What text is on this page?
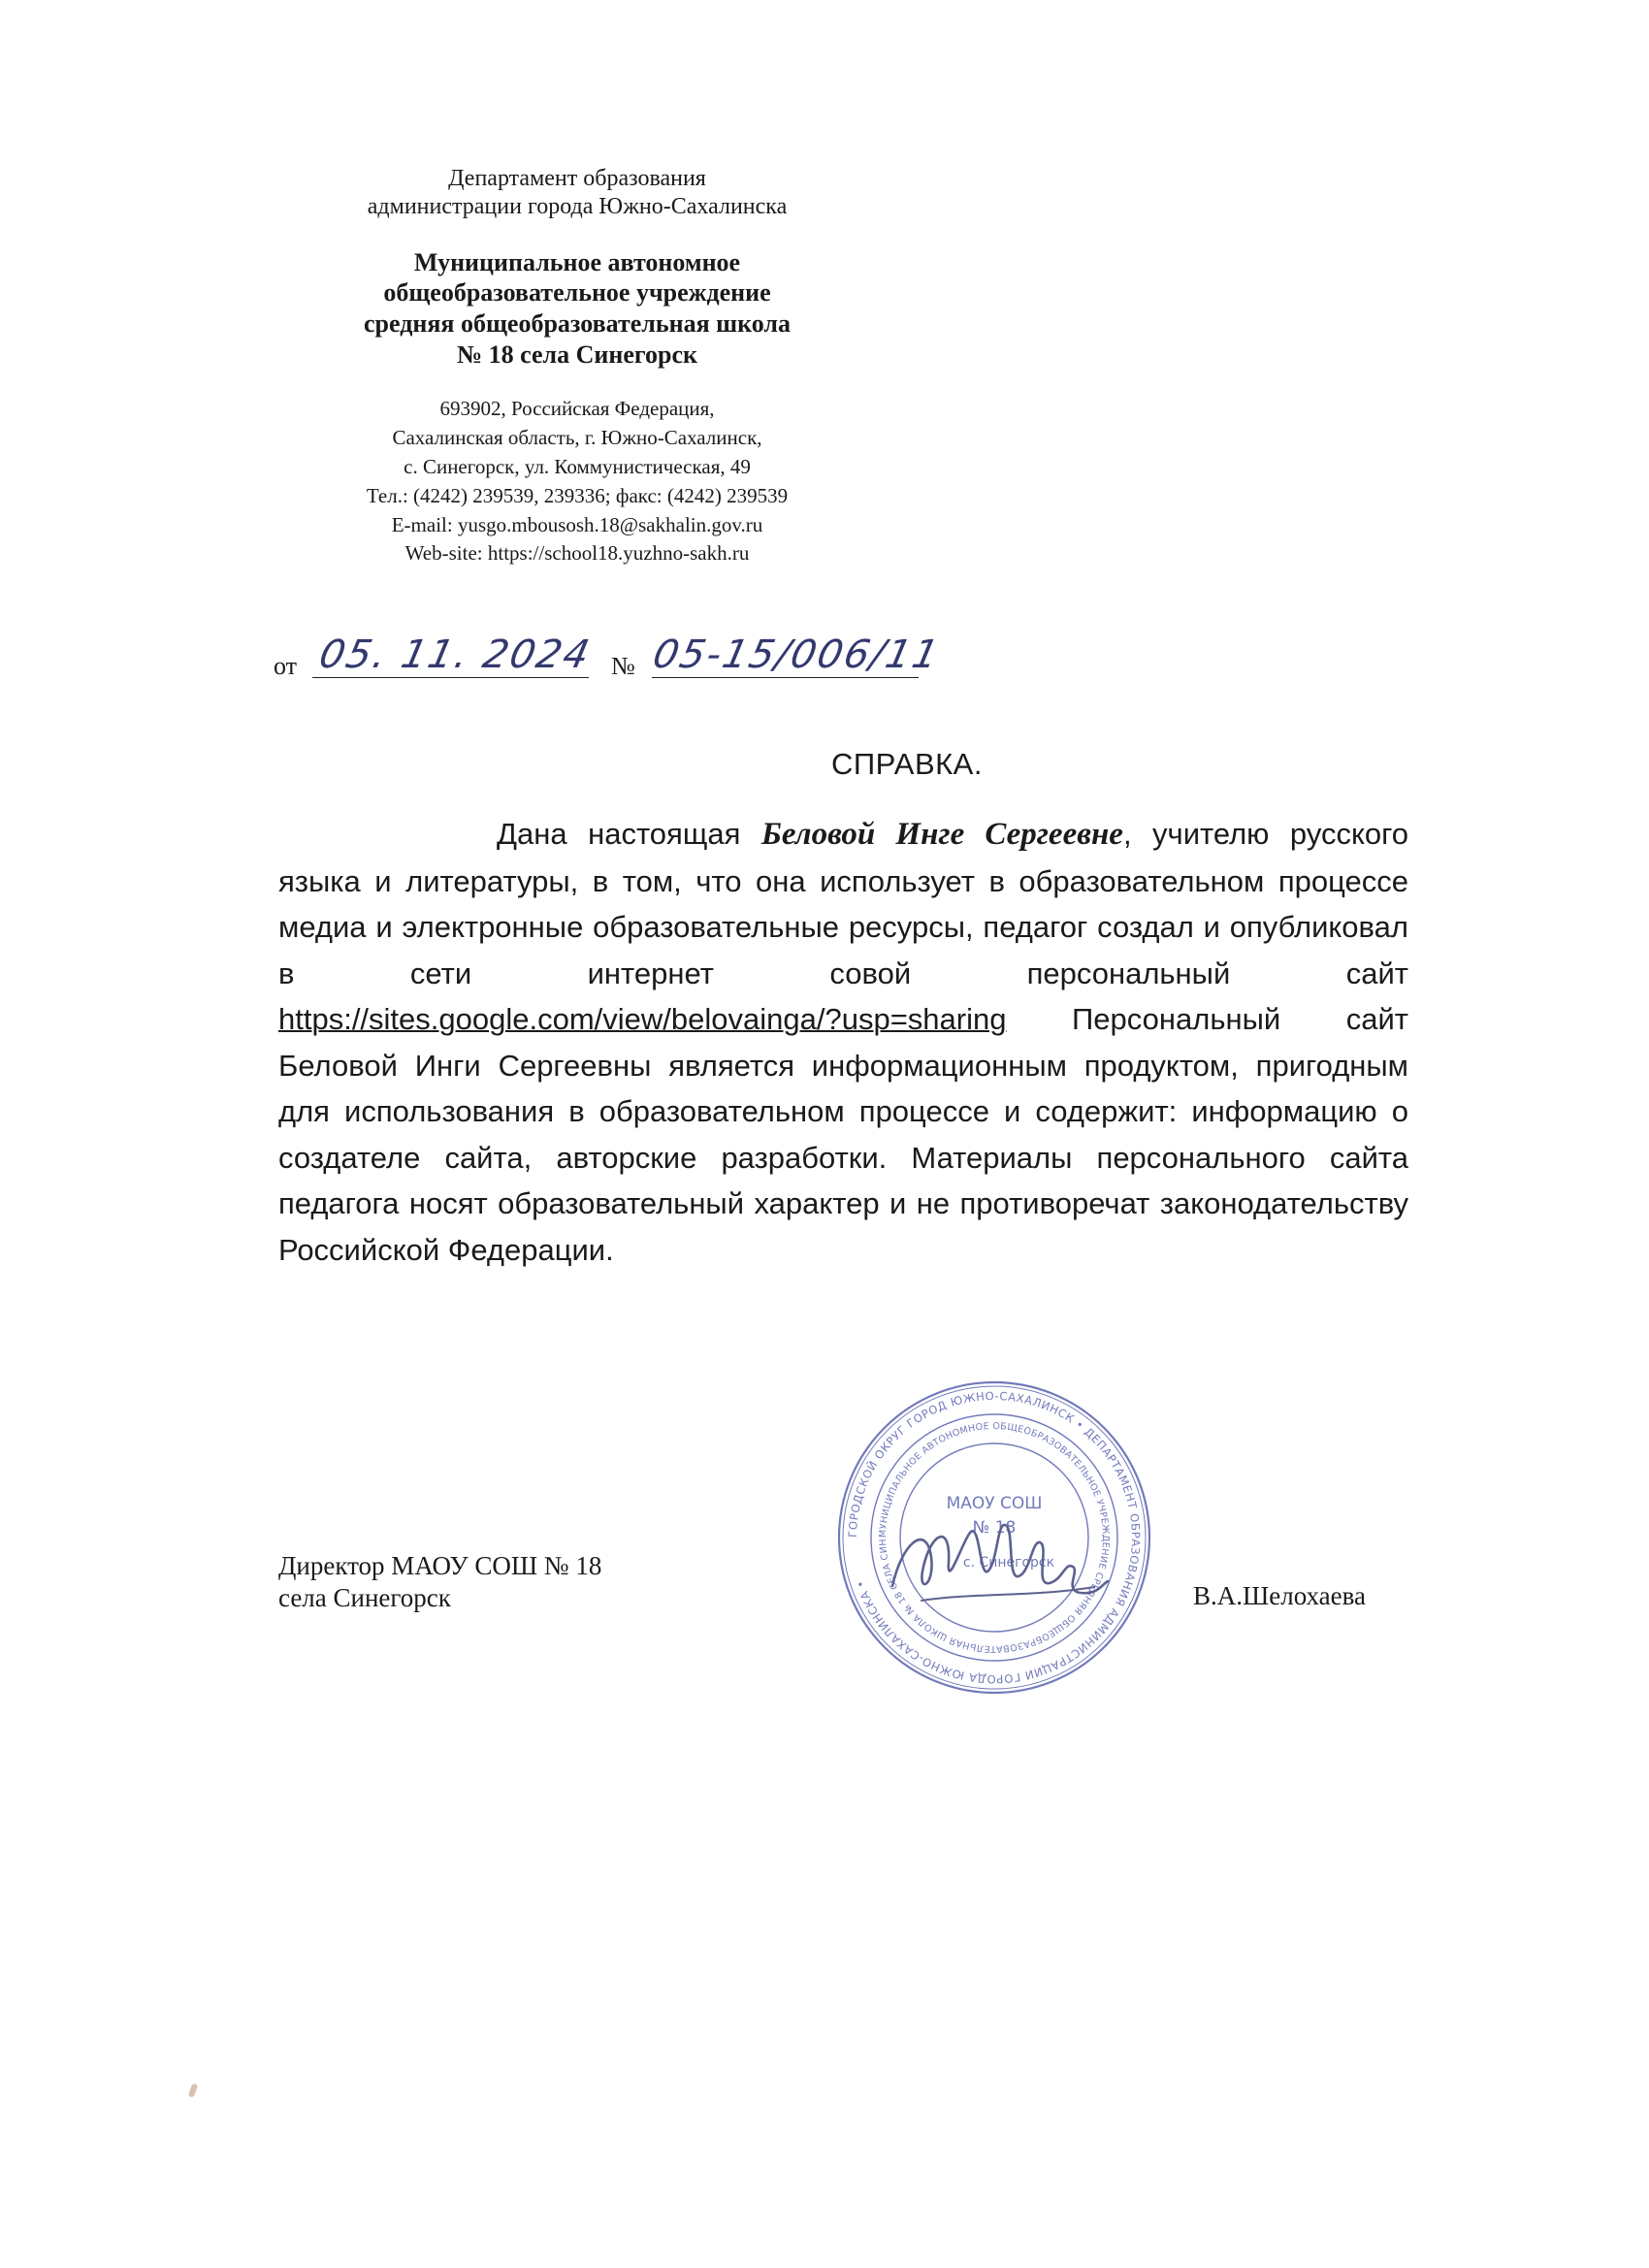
Департамент образования
администрации города Южно-Сахалинска
Муниципальное автономное
общеобразовательное учреждение
средняя общеобразовательная школа
№ 18 села Синегорск
693902, Российская Федерация,
Сахалинская область, г. Южно-Сахалинск,
с. Синегорск, ул. Коммунистическая, 49
Тел.: (4242) 239539, 239336; факс: (4242) 239539
E-mail: yusgo.mbousosh.18@sakhalin.gov.ru
Web-site: https://school18.yuzhno-sakh.ru
от 05. 11. 2024 № 05-15/006/11
СПРАВКА.
Дана настоящая Беловой Инге Сергеевне, учителю русского языка и литературы, в том, что она использует в образовательном процессе медиа и электронные образовательные ресурсы, педагог создал и опубликовал в сети интернет совой персональный сайт https://sites.google.com/view/belovainga/?usp=sharing Персональный сайт Беловой Инги Сергеевны является информационным продуктом, пригодным для использования в образовательном процессе и содержит: информацию о создателе сайта, авторские разработки. Материалы персонального сайта педагога носят образовательный характер и не противоречат законодательству Российской Федерации.
Директор МАОУ СОШ № 18
села Синегорск	В.А.Шелохаева
ГОРОДСКОЙ ОКРУГ ГОРОД ЮЖНО-САХАЛИНСК • ДЕПАРТАМЕНТ ОБРАЗОВАНИЯ АДМИНИСТРАЦИИ ГОРОДА ЮЖНО-САХАЛИНСКА •
МУНИЦИПАЛЬНОЕ АВТОНОМНОЕ ОБЩЕОБРАЗОВАТЕЛЬНОЕ УЧРЕЖДЕНИЕ СРЕДНЯЯ ОБЩЕОБРАЗОВАТЕЛЬНАЯ ШКОЛА № 18 СЕЛА СИН
МАОУ СОШ
№ 18
с. Синегорск
